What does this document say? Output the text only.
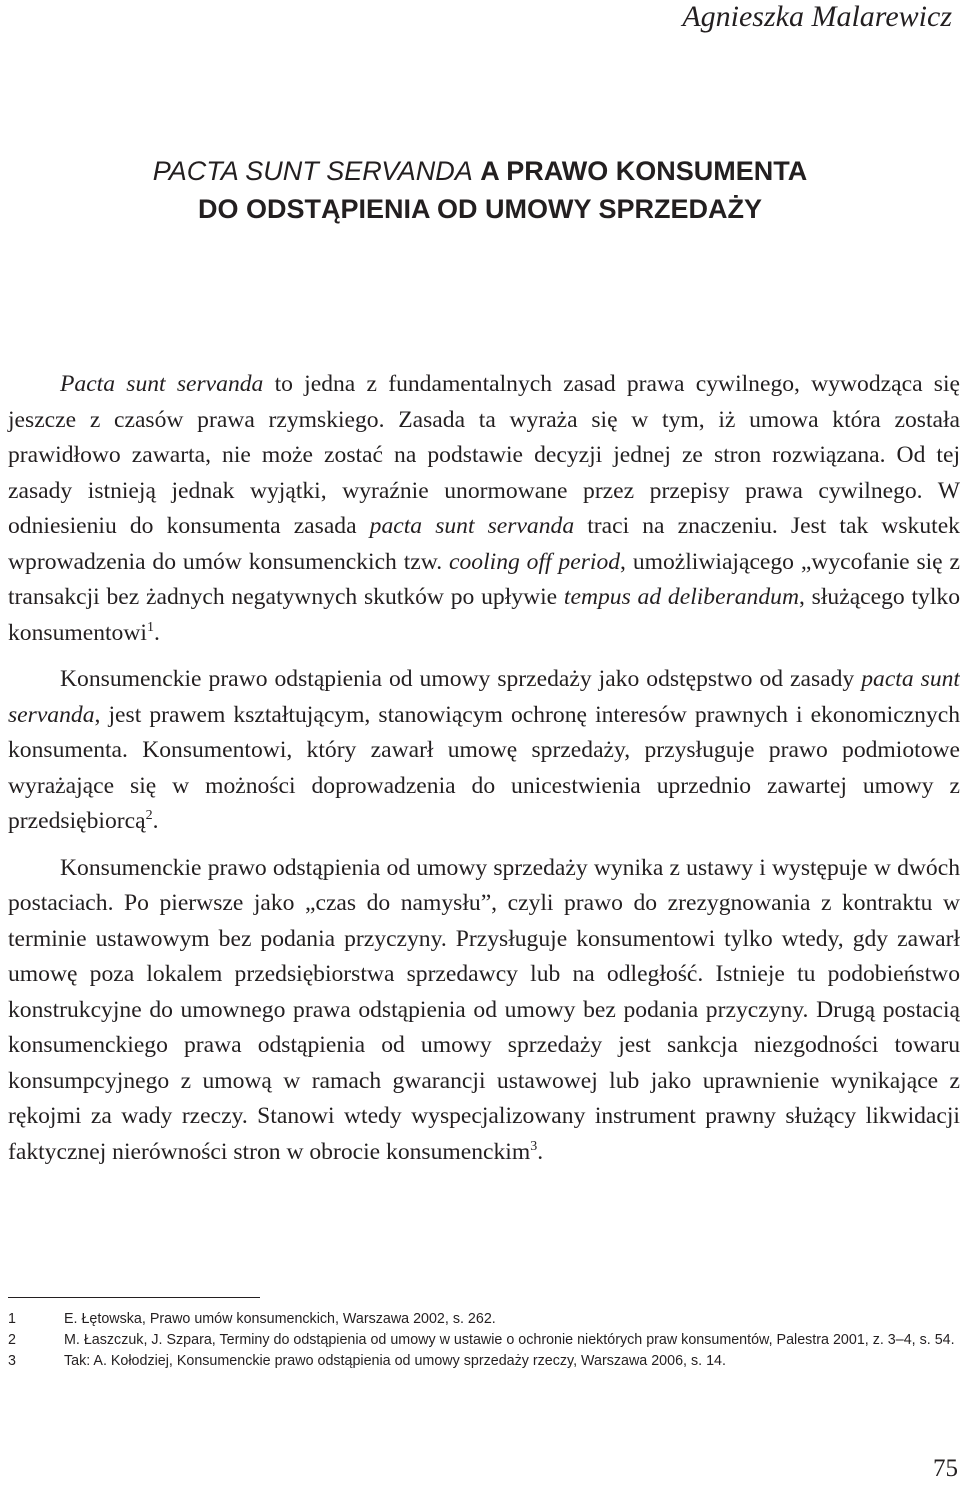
Agnieszka Malarewicz
PACTA SUNT SERVANDA A PRAWO KONSUMENTA
DO ODSTĄPIENIA OD UMOWY SPRZEDAŻY

Pacta sunt servanda to jedna z fundamentalnych zasad prawa cywilnego, wywodząca się jeszcze z czasów prawa rzymskiego. Zasada ta wyraża się w tym, iż umowa która została prawidłowo zawarta, nie może zostać na podstawie decyzji jednej ze stron rozwiązana. Od tej zasady istnieją jednak wyjątki, wyraźnie unormowane przez przepisy prawa cywilnego. W odniesieniu do konsumenta zasada pacta sunt servanda traci na znaczeniu. Jest tak wskutek wprowadzenia do umów konsumenckich tzw. cooling off period, umożliwiającego „wycofanie się z transakcji bez żadnych negatywnych skutków po upływie tempus ad deliberandum, służącego tylko konsumentowi$^1$.

Konsumenckie prawo odstąpienia od umowy sprzedaży jako odstępstwo od zasady pacta sunt servanda, jest prawem kształtującym, stanowiącym ochronę interesów prawnych i ekonomicznych konsumenta. Konsumentowi, który zawarł umowę sprzedaży, przysługuje prawo podmiotowe wyrażające się w możności doprowadzenia do unicestwienia uprzednio zawartej umowy z przedsiębiorcą$^2$.

Konsumenckie prawo odstąpienia od umowy sprzedaży wynika z ustawy i występuje w dwóch postaciach. Po pierwsze jako „czas do namysłu”, czyli prawo do zrezygnowania z kontraktu w terminie ustawowym bez podania przyczyny. Przysługuje konsumentowi tylko wtedy, gdy zawarł umowę poza lokalem przedsiębiorstwa sprzedawcy lub na odległość. Istnieje tu podobieństwo konstrukcyjne do umownego prawa odstąpienia od umowy bez podania przyczyny. Drugą postacią konsumenckiego prawa odstąpienia od umowy sprzedaży jest sankcja niezgodności towaru konsumpcyjnego z umową w ramach gwarancji ustawowej lub jako uprawnienie wynikające z rękojmi za wady rzeczy. Stanowi wtedy wyspecjalizowany instrument prawny służący likwidacji faktycznej nierówności stron w obrocie konsumenckim$^3$.

1	E. Łętowska, Prawo umów konsumenckich, Warszawa 2002, s. 262.
2	M. Łaszczuk, J. Szpara, Terminy do odstąpienia od umowy w ustawie o ochronie niektórych praw konsumentów, Palestra 2001, z. 3–4, s. 54.
3	Tak: A. Kołodziej, Konsumenckie prawo odstąpienia od umowy sprzedaży rzeczy, Warszawa 2006, s. 14.
75
